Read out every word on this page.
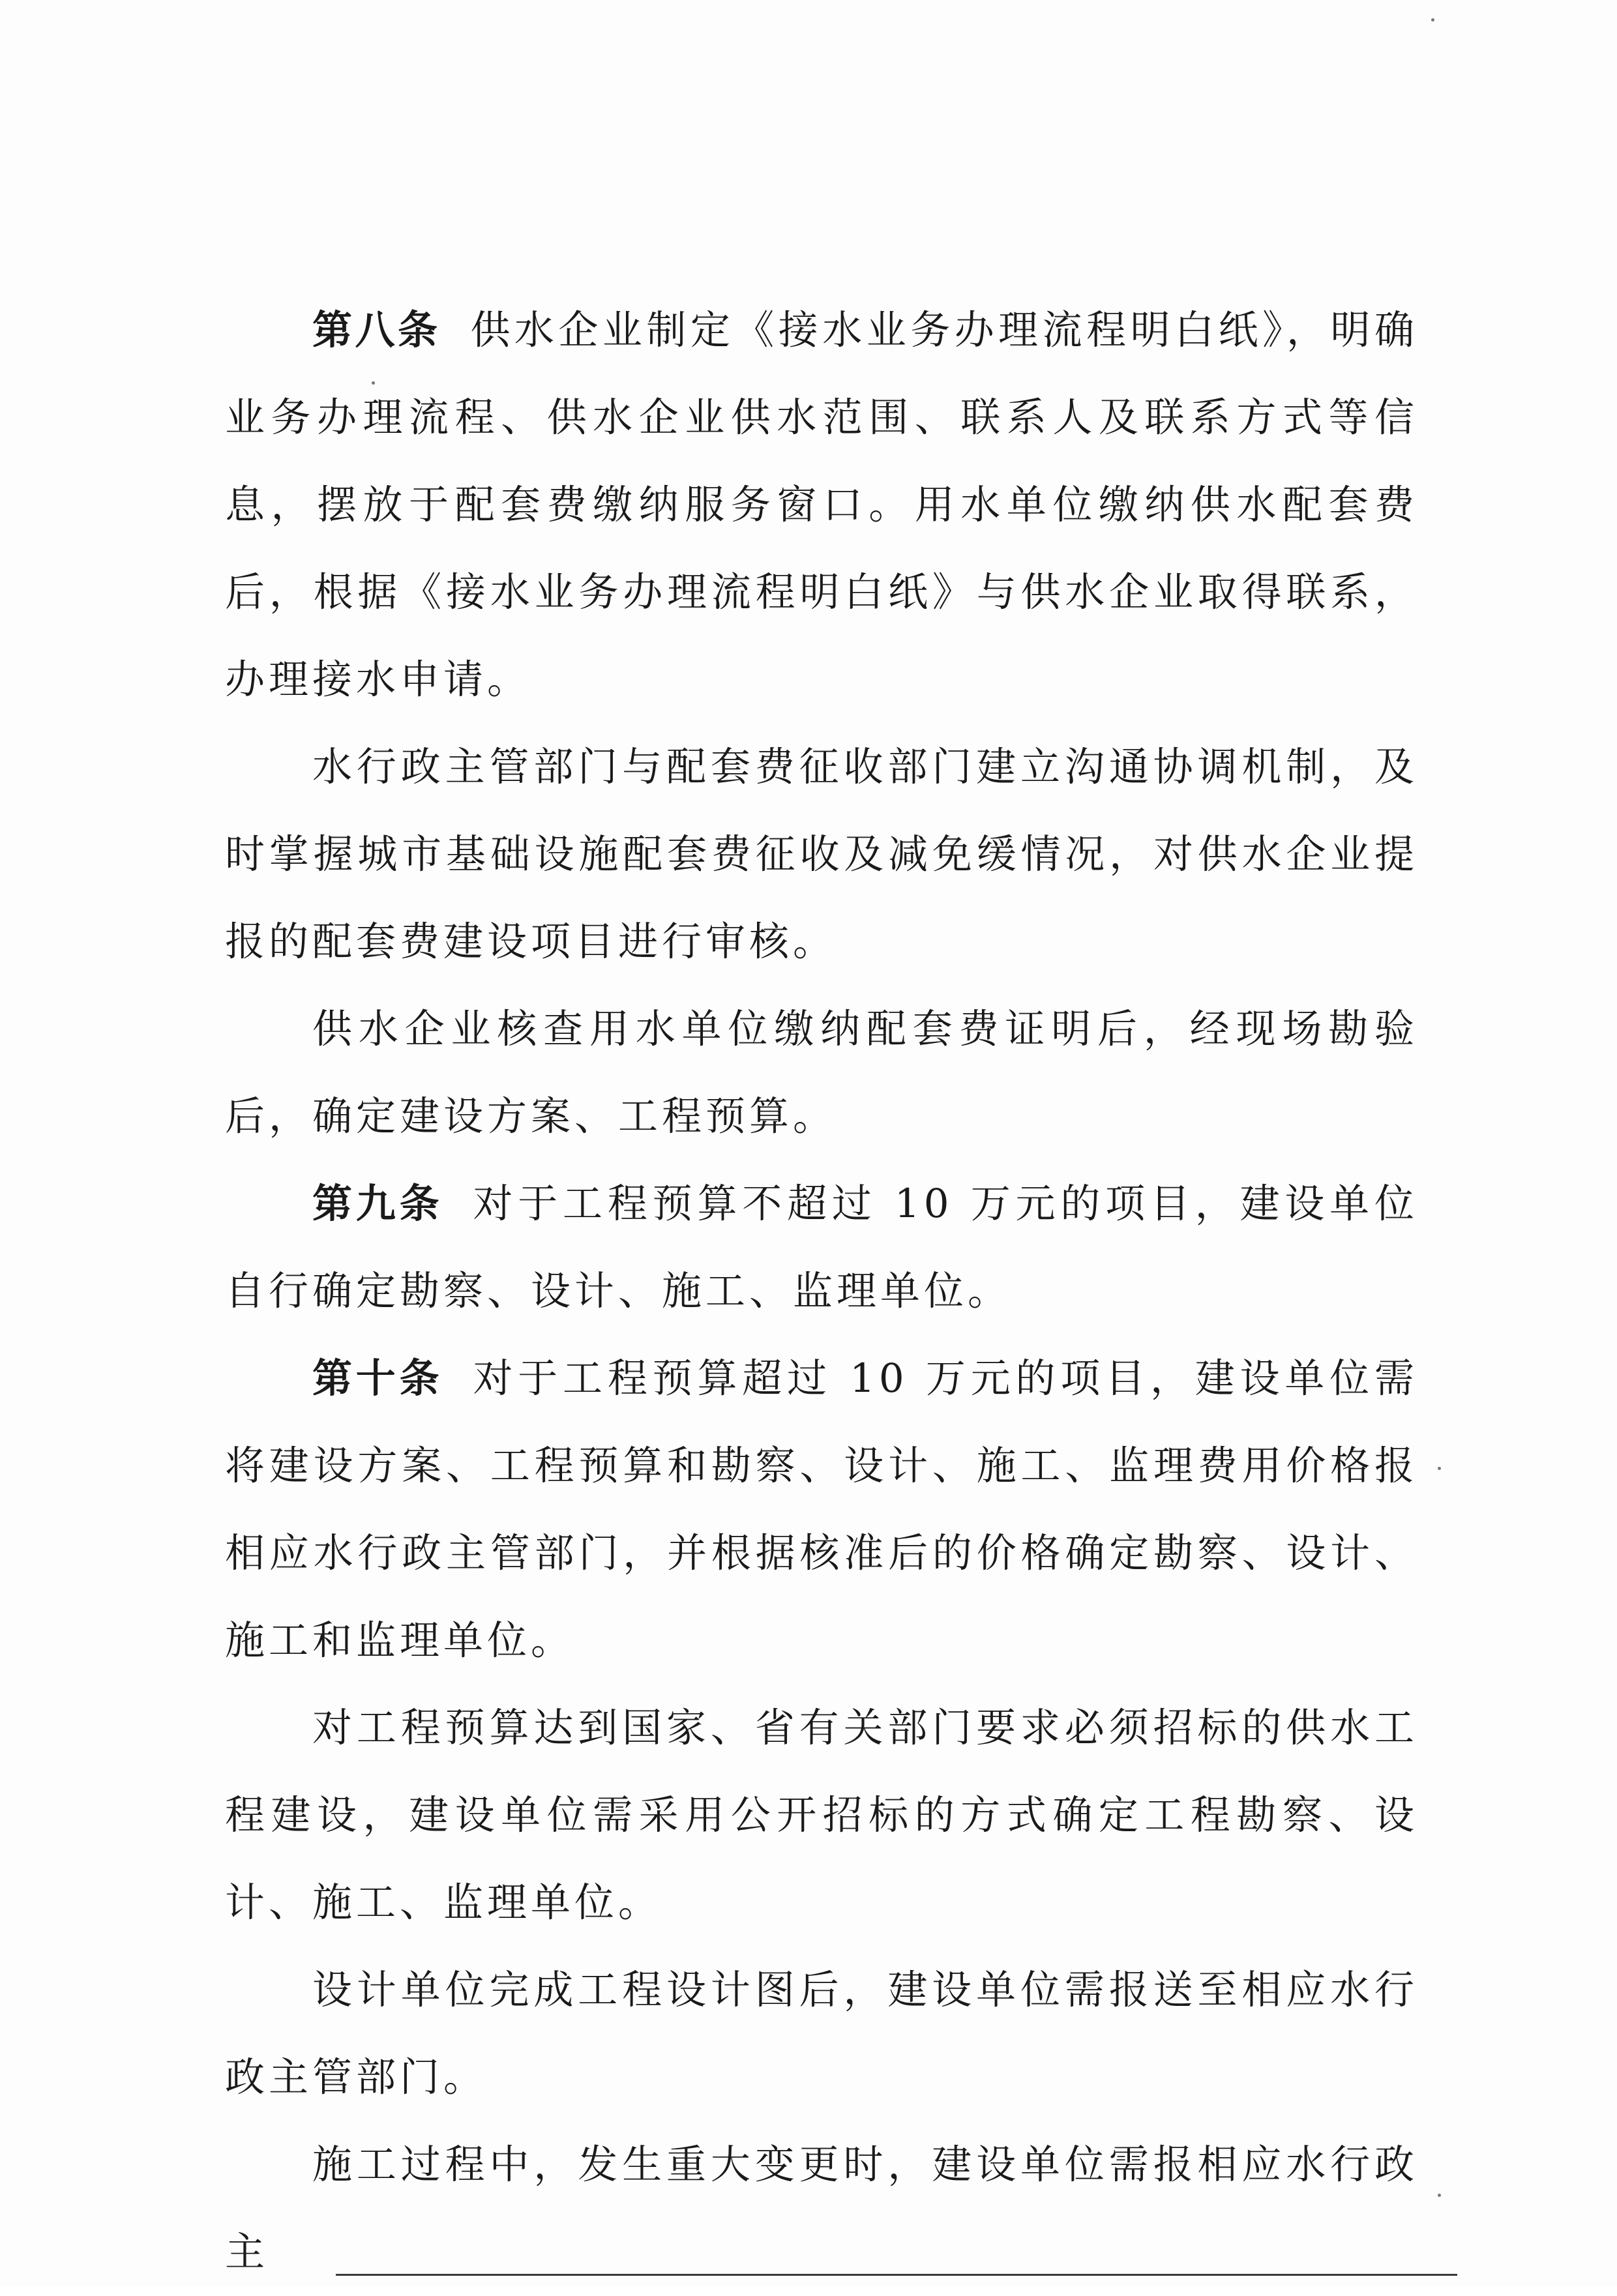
第八条 供水企业制定《接水业务办理流程明白纸》，明确业务办理流程、供水企业供水范围、联系人及联系方式等信息，摆放于配套费缴纳服务窗口。用水单位缴纳供水配套费后，根据《接水业务办理流程明白纸》与供水企业取得联系，办理接水申请。

水行政主管部门与配套费征收部门建立沟通协调机制，及时掌握城市基础设施配套费征收及减免缓情况，对供水企业提报的配套费建设项目进行审核。

供水企业核查用水单位缴纳配套费证明后，经现场勘验后，确定建设方案、工程预算。

第九条 对于工程预算不超过 10 万元的项目，建设单位自行确定勘察、设计、施工、监理单位。

第十条 对于工程预算超过 10 万元的项目，建设单位需将建设方案、工程预算和勘察、设计、施工、监理费用价格报相应水行政主管部门，并根据核准后的价格确定勘察、设计、施工和监理单位。

对工程预算达到国家、省有关部门要求必须招标的供水工程建设，建设单位需采用公开招标的方式确定工程勘察、设计、施工、监理单位。

设计单位完成工程设计图后，建设单位需报送至相应水行政主管部门。

施工过程中，发生重大变更时，建设单位需报相应水行政主
